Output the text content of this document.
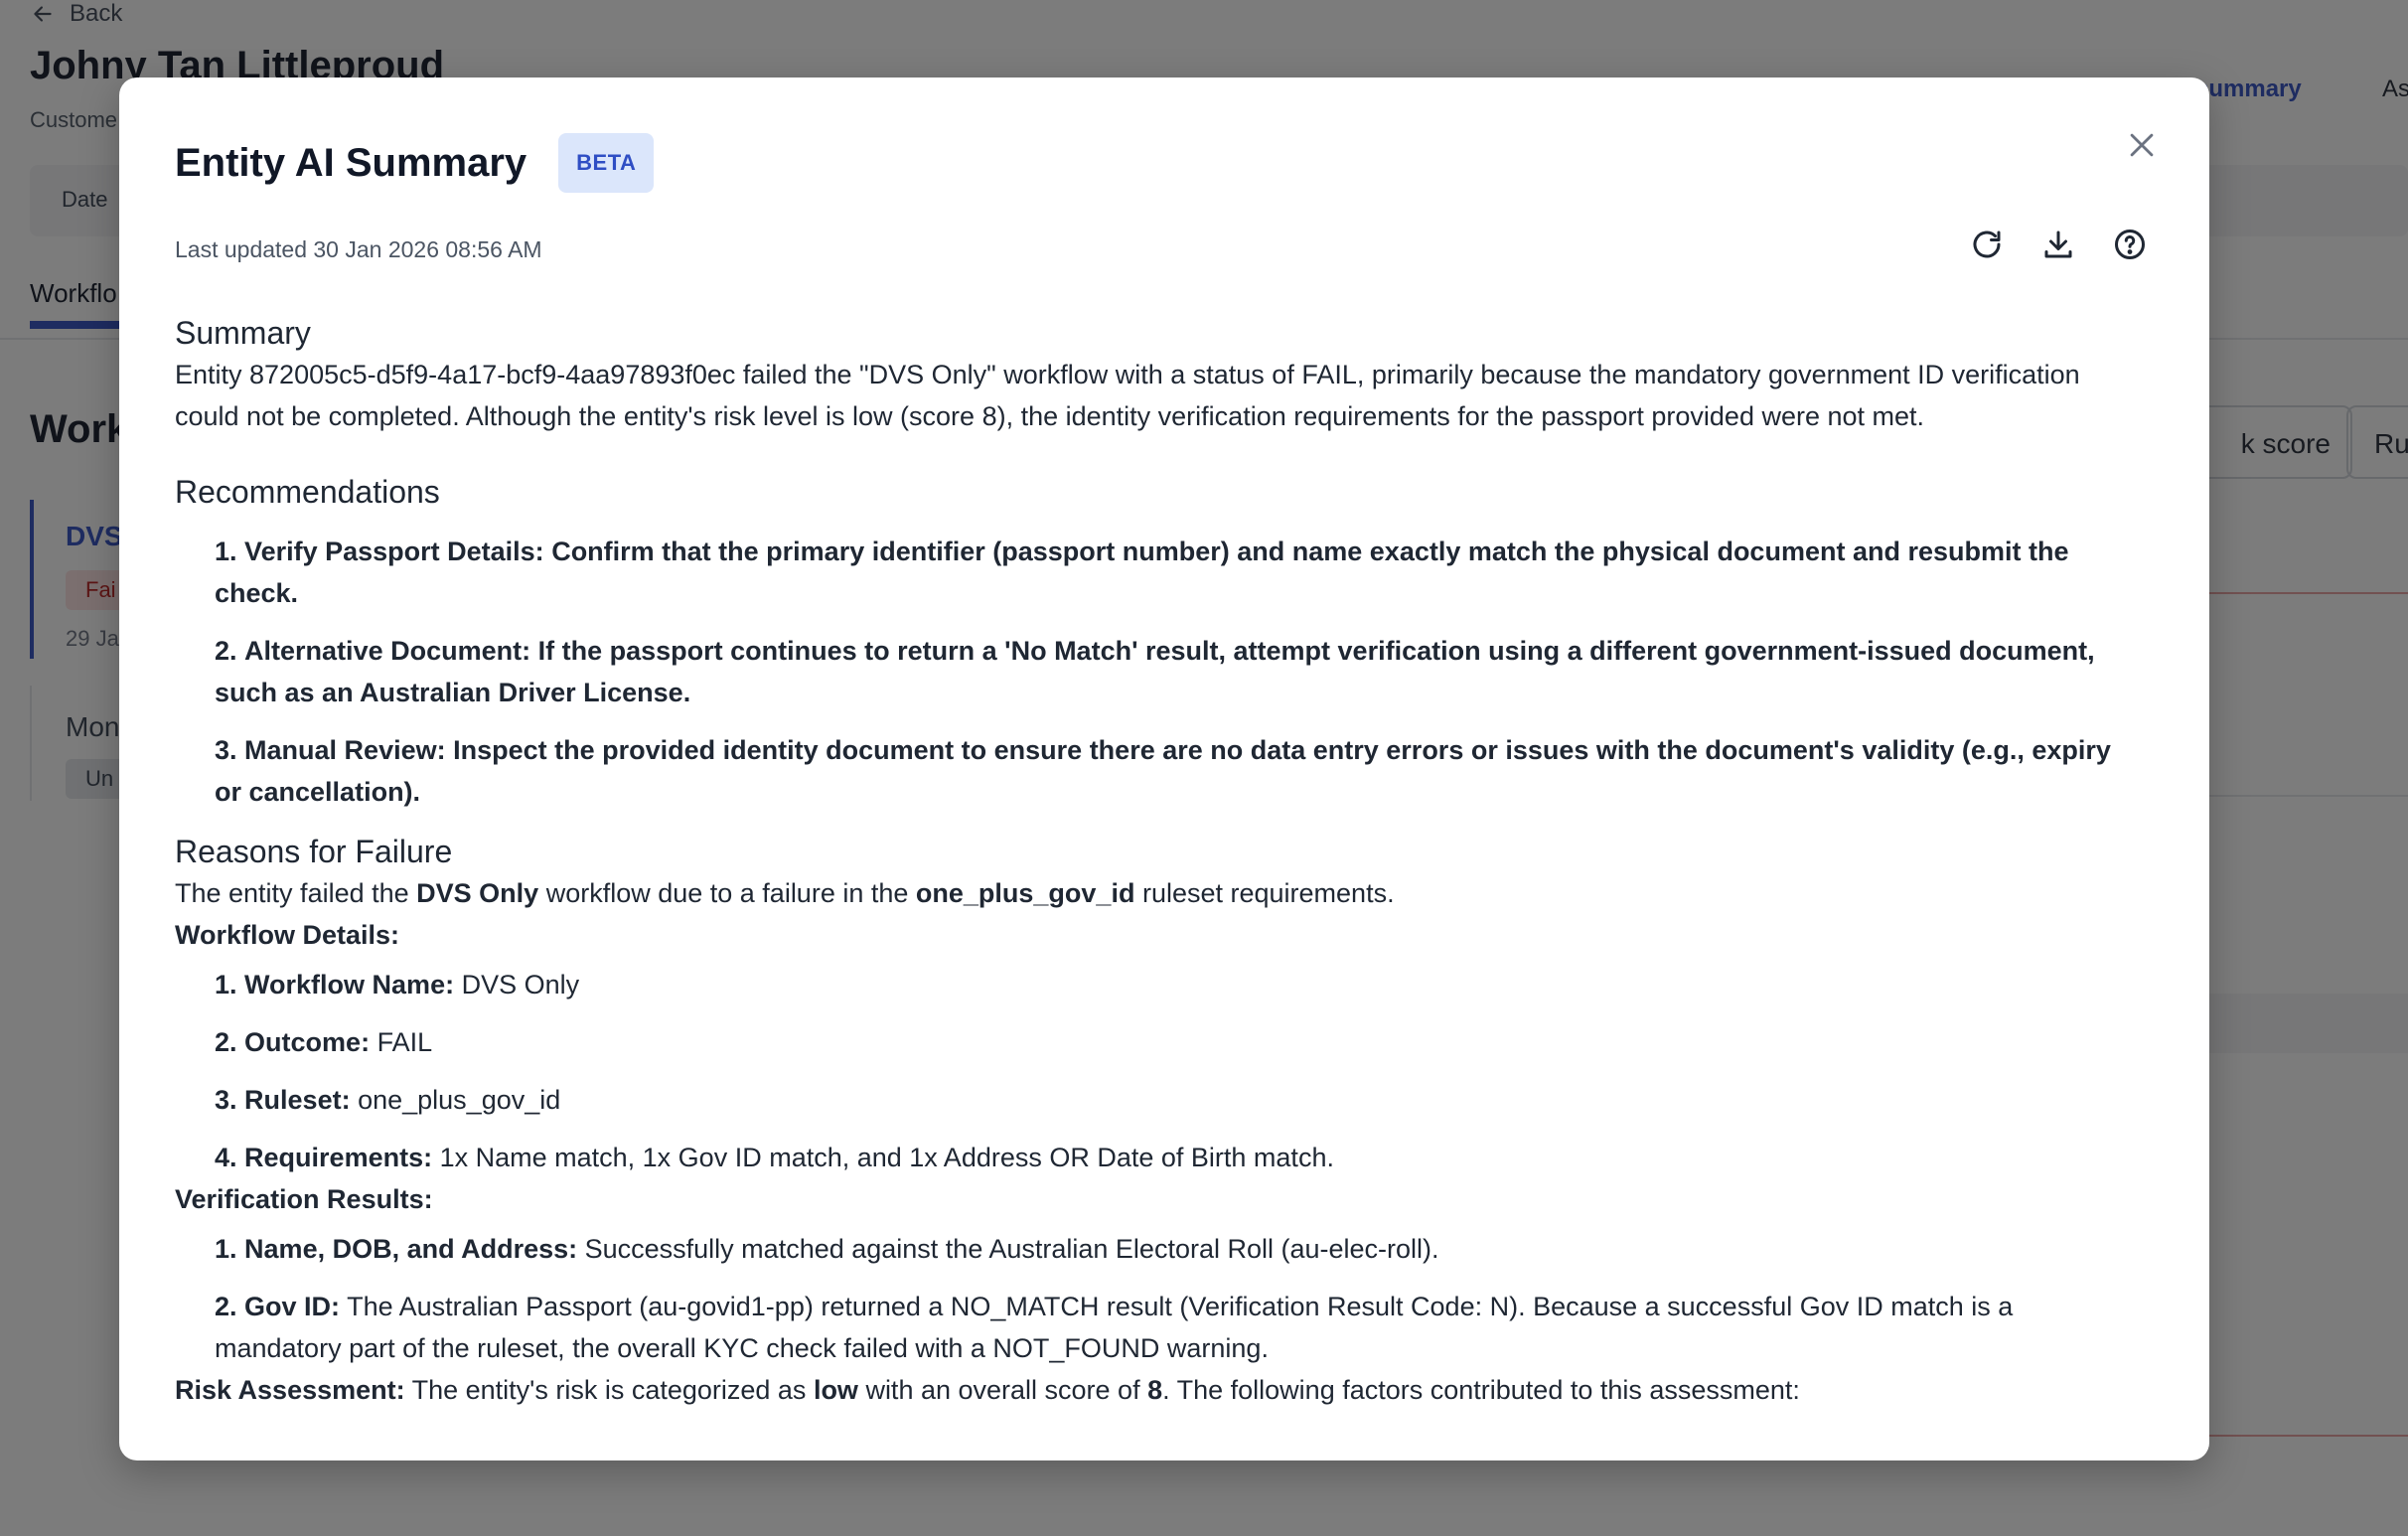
Entity AI Summary	BETA
Last updated 30 Jan 2026 08:56 AM
Summary

Entity 872005c5-d5f9-4a17-bcf9-4aa97893f0ec failed the "DVS Only" workflow with a status of FAIL, primarily because the mandatory government ID verification could not be completed. Although the entity's risk level is low (score 8), the identity verification requirements for the passport provided were not met.

Recommendations
1. Verify Passport Details: Confirm that the primary identifier (passport number) and name exactly match the physical document and resubmit the check.
2. Alternative Document: If the passport continues to return a 'No Match' result, attempt verification using a different government-issued document, such as an Australian Driver License.
3. Manual Review: Inspect the provided identity document to ensure there are no data entry errors or issues with the document's validity (e.g., expiry or cancellation).
Reasons for Failure

The entity failed the DVS Only workflow due to a failure in the one_plus_gov_id ruleset requirements.

Workflow Details:

1. Workflow Name: DVS Only
2. Outcome: FAIL
3. Ruleset: one_plus_gov_id
4. Requirements: 1x Name match, 1x Gov ID match, and 1x Address OR Date of Birth match.

Verification Results:

1. Name, DOB, and Address: Successfully matched against the Australian Electoral Roll (au-elec-roll).
2. Gov ID: The Australian Passport (au-govid1-pp) returned a NO_MATCH result (Verification Result Code: N). Because a successful Gov ID match is a mandatory part of the ruleset, the overall KYC check failed with a NOT_FOUND warning.

Risk Assessment: The entity's risk is categorized as low with an overall score of 8. The following factors contributed to this assessment:
